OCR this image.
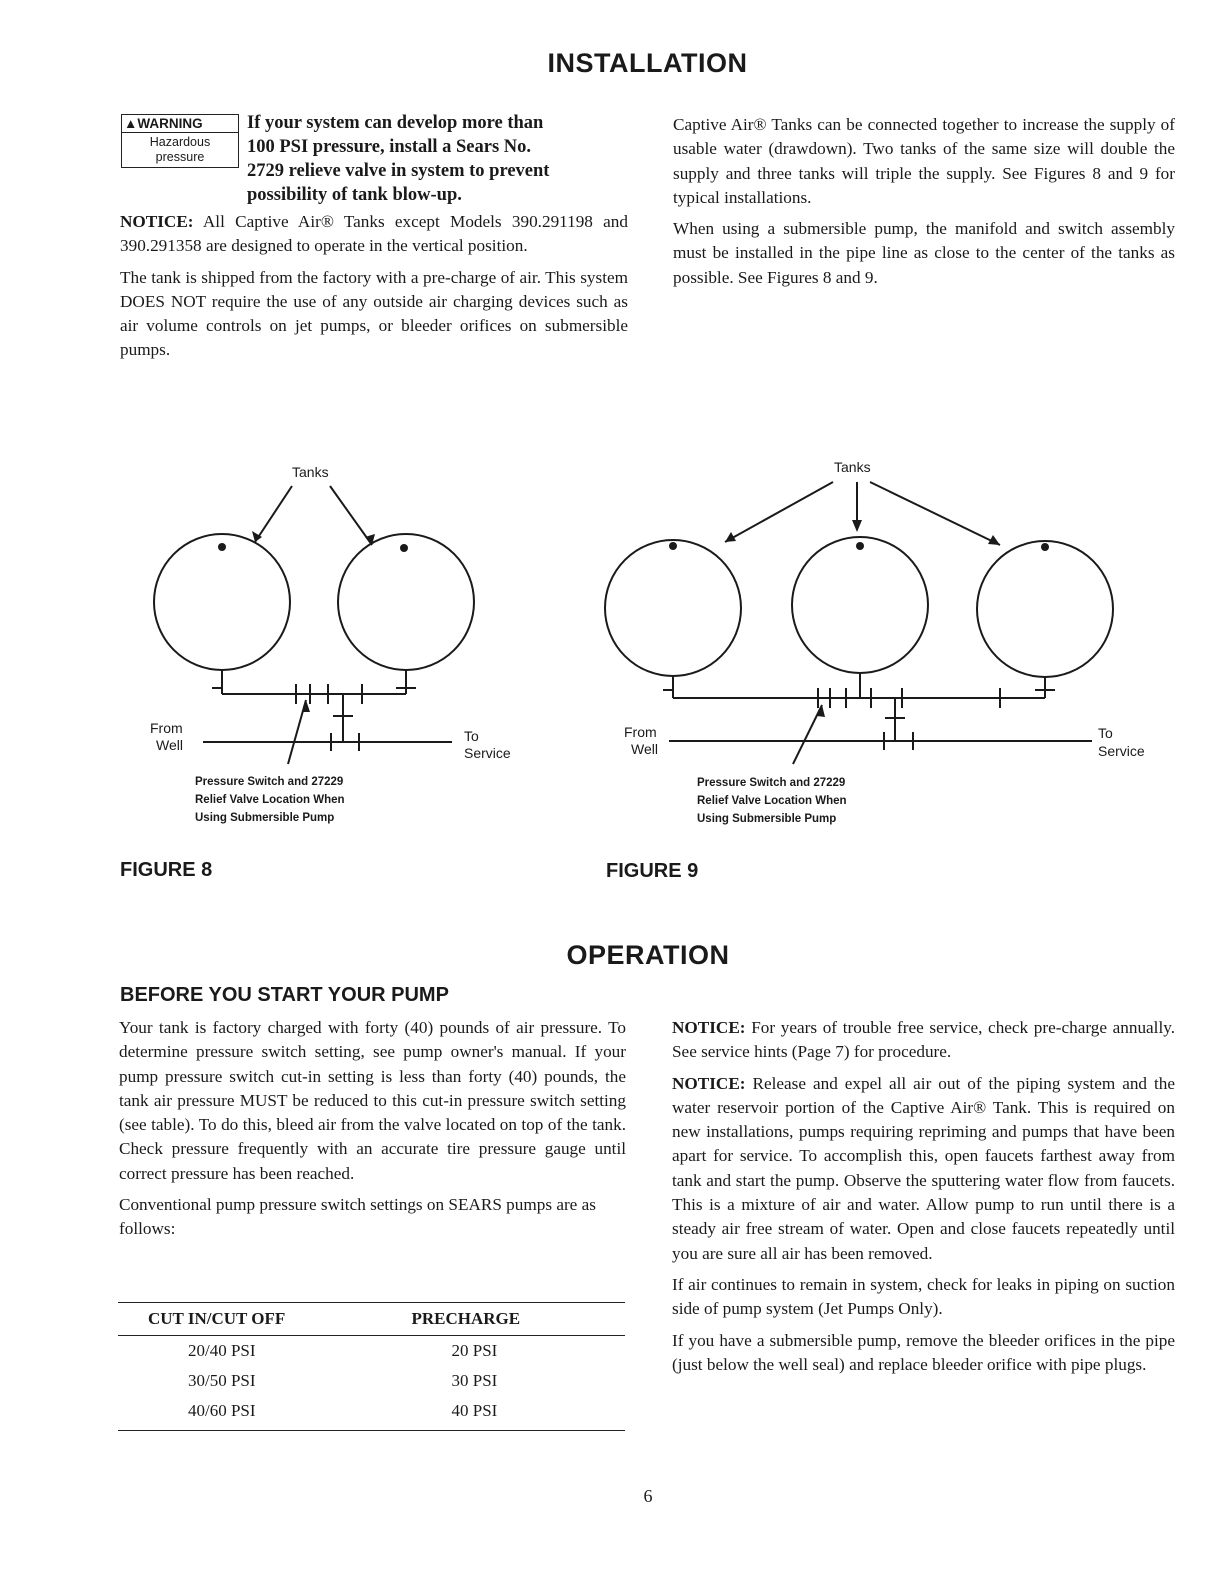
INSTALLATION
▲WARNING
Hazardous
pressure
If your system can develop more than
100 PSI pressure, install a Sears No.
2729 relieve valve in system to prevent
possibility of tank blow-up.

NOTICE: All Captive Air® Tanks except Models 390.291198 and 390.291358 are designed to operate in the vertical position.

The tank is shipped from the factory with a pre-charge of air. This system DOES NOT require the use of any outside air charging devices such as air volume controls on jet pumps, or bleeder orifices on submersible pumps.

Captive Air® Tanks can be connected together to increase the supply of usable water (drawdown). Two tanks of the same size will double the supply and three tanks will triple the supply. See Figures 8 and 9 for typical installations.

When using a submersible pump, the manifold and switch assembly must be installed in the pipe line as close to the center of the tanks as possible. See Figures 8 and 9.

Tanks
From
Well
To
Service
Pressure Switch and 27229
Relief Valve Location When
Using Submersible Pump
FIGURE 8
Tanks
From
Well
To
Service
Pressure Switch and 27229
Relief Valve Location When
Using Submersible Pump
FIGURE 9
OPERATION
BEFORE YOU START YOUR PUMP

Your tank is factory charged with forty (40) pounds of air pressure. To determine pressure switch setting, see pump owner's manual. If your pump pressure switch cut-in setting is less than forty (40) pounds, the tank air pressure MUST be reduced to this cut-in pressure switch setting (see table). To do this, bleed air from the valve located on top of the tank. Check pressure frequently with an accurate tire pressure gauge until correct pressure has been reached.

Conventional pump pressure switch settings on SEARS pumps are as follows:

CUT IN/CUT OFF	PRECHARGE
20/40 PSI	20 PSI
30/50 PSI	30 PSI
40/60 PSI	40 PSI

NOTICE: For years of trouble free service, check pre-charge annually. See service hints (Page 7) for procedure.

NOTICE: Release and expel all air out of the piping system and the water reservoir portion of the Captive Air® Tank. This is required on new installations, pumps requiring repriming and pumps that have been apart for service. To accomplish this, open faucets farthest away from tank and start the pump. Observe the sputtering water flow from faucets. This is a mixture of air and water. Allow pump to run until there is a steady air free stream of water. Open and close faucets repeatedly until you are sure all air has been removed.

If air continues to remain in system, check for leaks in piping on suction side of pump system (Jet Pumps Only).

If you have a submersible pump, remove the bleeder orifices in the pipe (just below the well seal) and replace bleeder orifice with pipe plugs.

6
